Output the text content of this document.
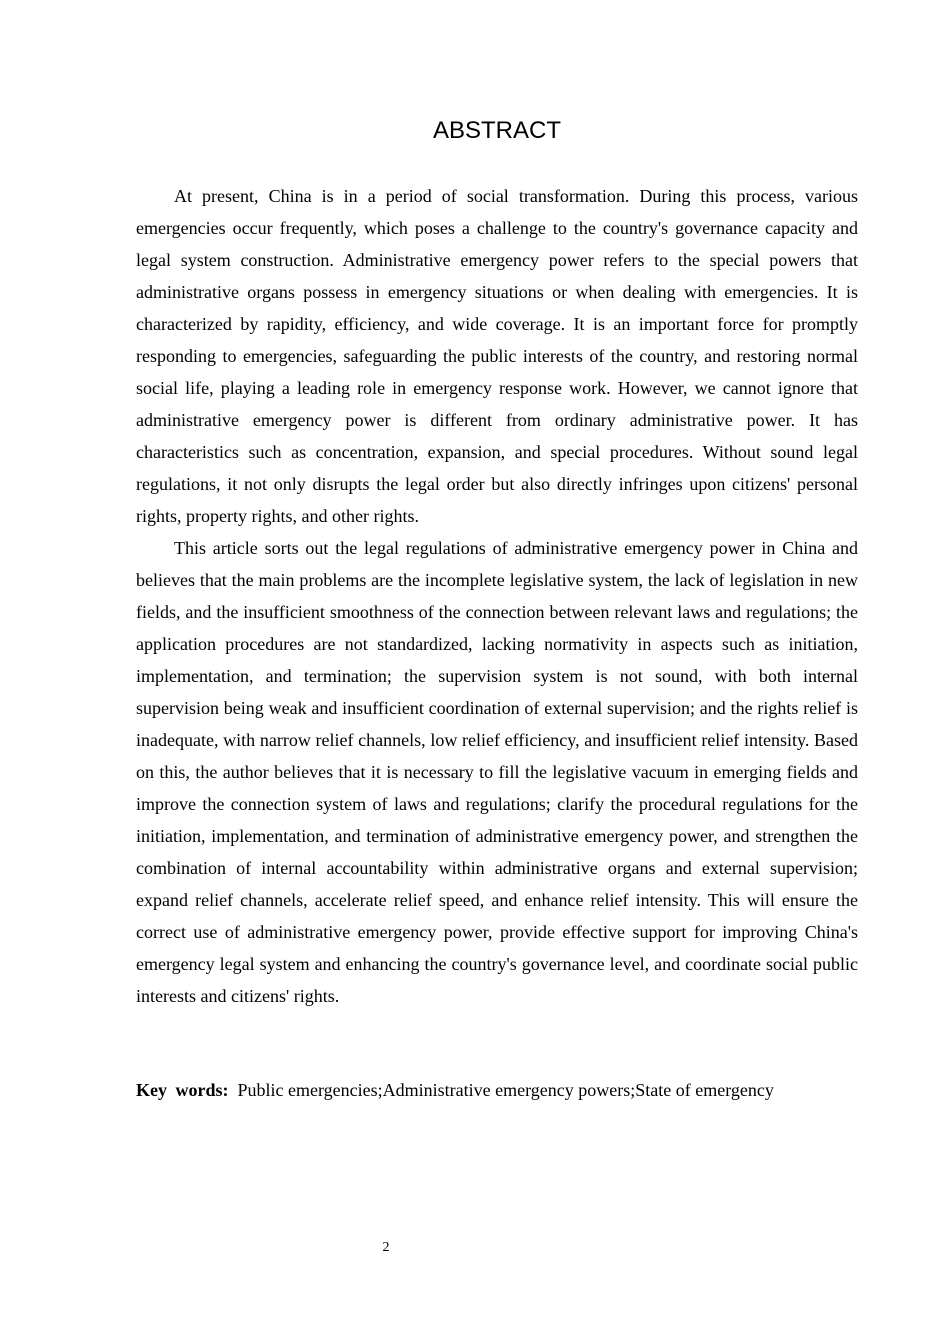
ABSTRACT

At present, China is in a period of social transformation. During this process, various emergencies occur frequently, which poses a challenge to the country's governance capacity and legal system construction. Administrative emergency power refers to the special powers that administrative organs possess in emergency situations or when dealing with emergencies. It is characterized by rapidity, efficiency, and wide coverage. It is an important force for promptly responding to emergencies, safeguarding the public interests of the country, and restoring normal social life, playing a leading role in emergency response work. However, we cannot ignore that administrative emergency power is different from ordinary administrative power. It has characteristics such as concentration, expansion, and special procedures. Without sound legal regulations, it not only disrupts the legal order but also directly infringes upon citizens' personal rights, property rights, and other rights.

This article sorts out the legal regulations of administrative emergency power in China and believes that the main problems are the incomplete legislative system, the lack of legislation in new fields, and the insufficient smoothness of the connection between relevant laws and regulations; the application procedures are not standardized, lacking normativity in aspects such as initiation, implementation, and termination; the supervision system is not sound, with both internal supervision being weak and insufficient coordination of external supervision; and the rights relief is inadequate, with narrow relief channels, low relief efficiency, and insufficient relief intensity. Based on this, the author believes that it is necessary to fill the legislative vacuum in emerging fields and improve the connection system of laws and regulations; clarify the procedural regulations for the initiation, implementation, and termination of administrative emergency power, and strengthen the combination of internal accountability within administrative organs and external supervision; expand relief channels, accelerate relief speed, and enhance relief intensity. This will ensure the correct use of administrative emergency power, provide effective support for improving China's emergency legal system and enhancing the country's governance level, and coordinate social public interests and citizens' rights.

Key words: Public emergencies;Administrative emergency powers;State of emergency

2
